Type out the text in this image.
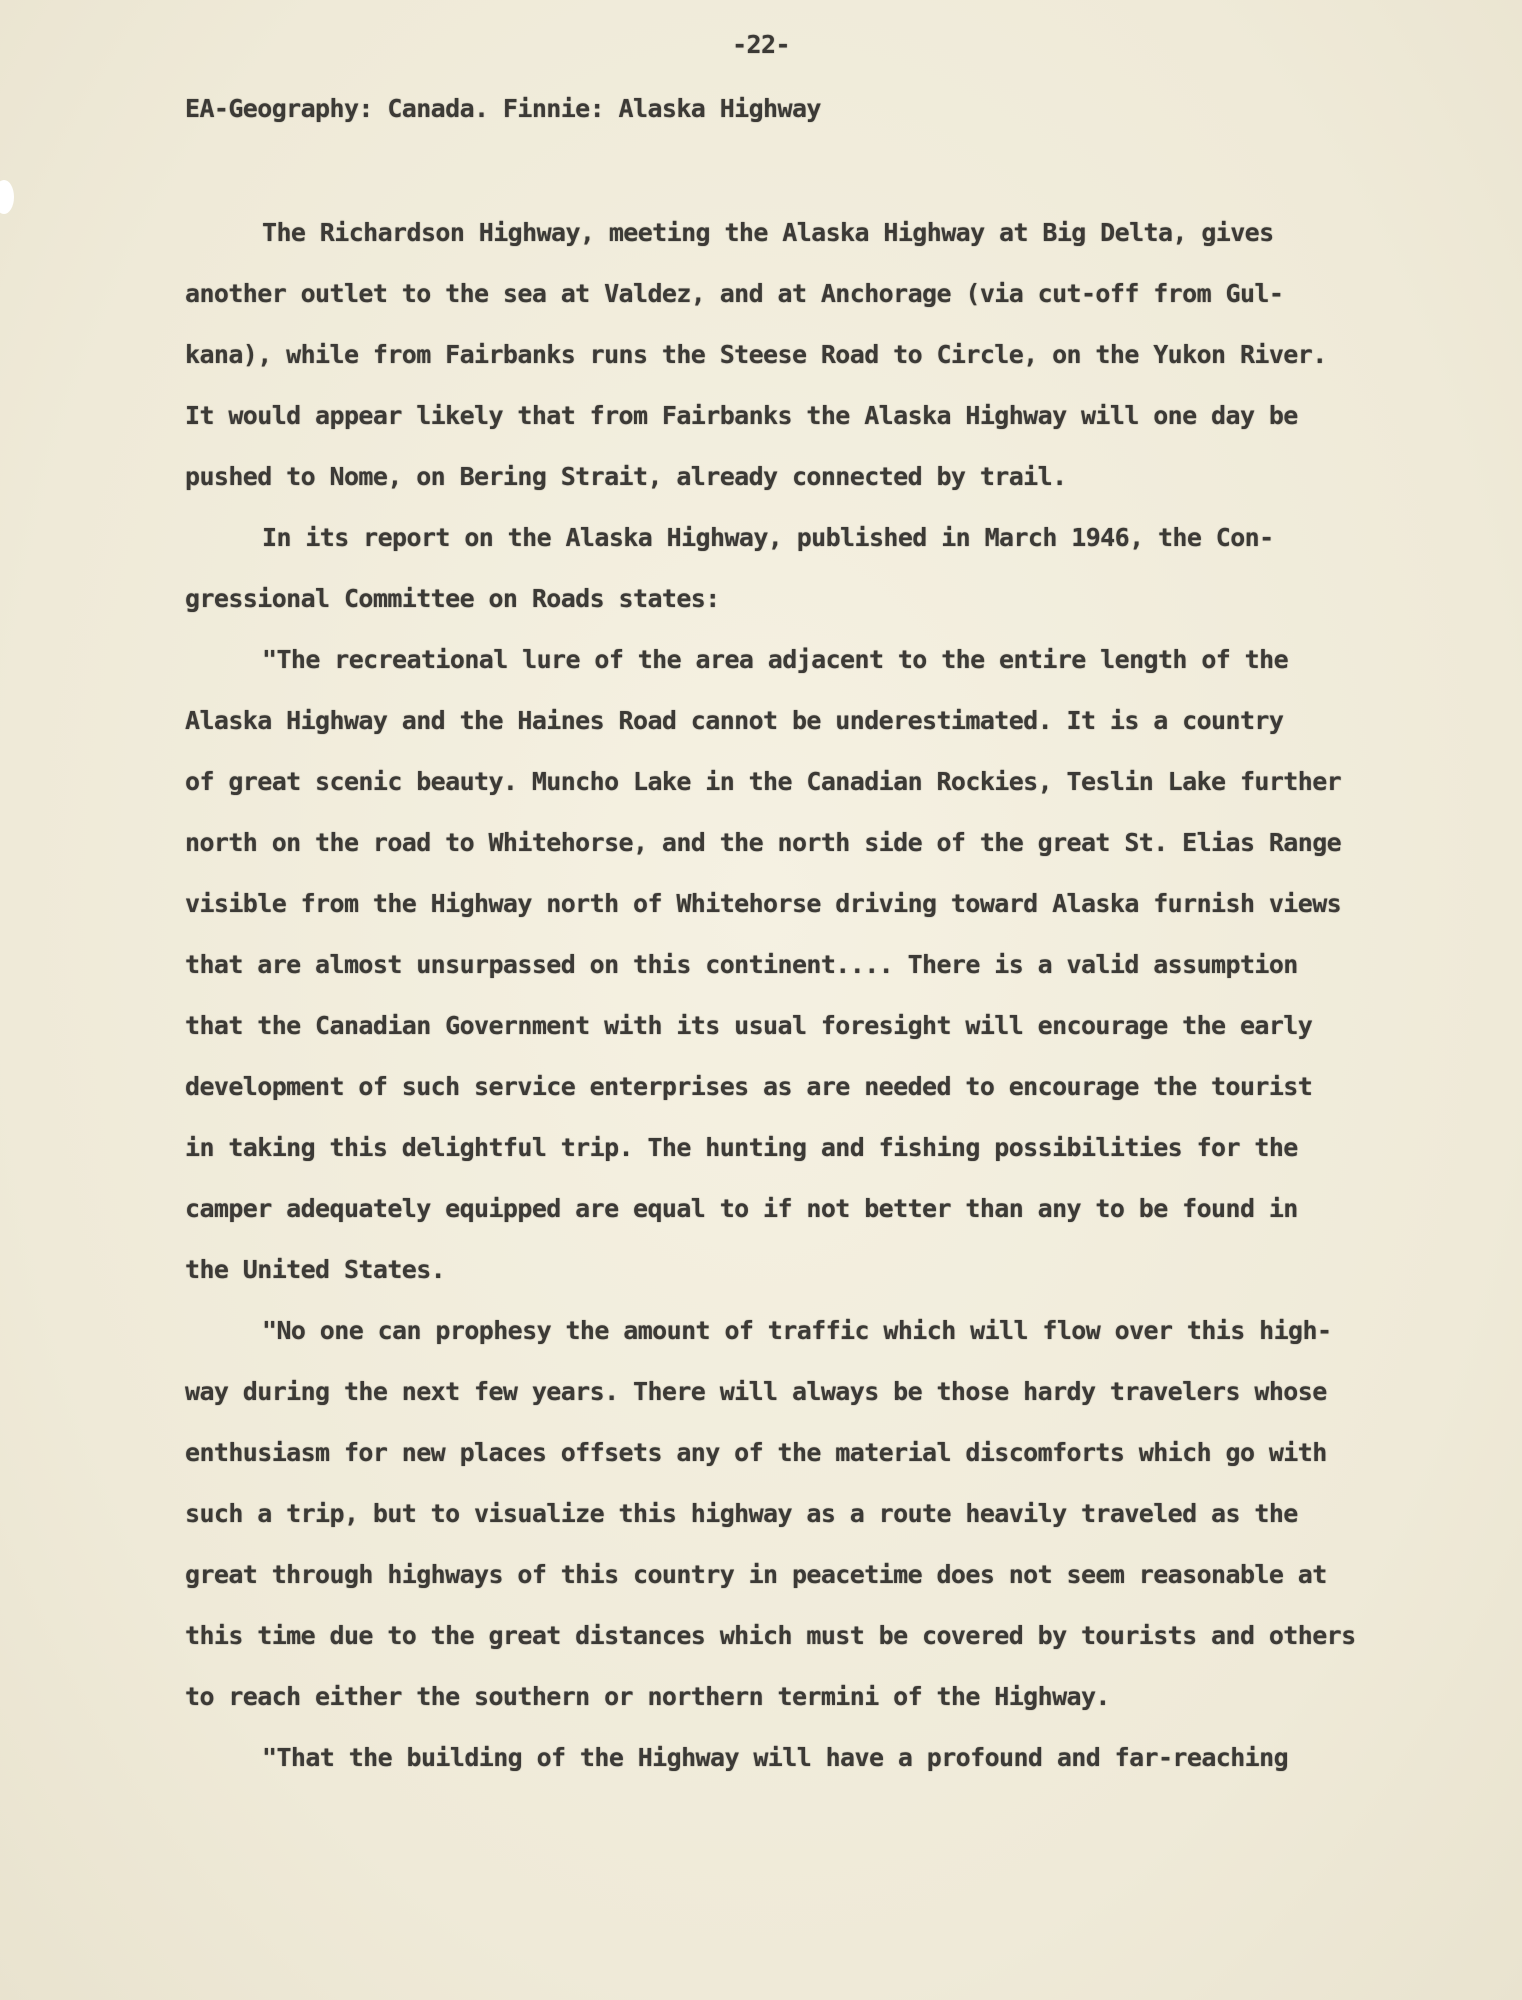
-22-
EA-Geography: Canada. Finnie: Alaska Highway
The Richardson Highway, meeting the Alaska Highway at Big Delta, gives
another outlet to the sea at Valdez, and at Anchorage (via cut-off from Gul-
kana), while from Fairbanks runs the Steese Road to Circle, on the Yukon River.
It would appear likely that from Fairbanks the Alaska Highway will one day be
pushed to Nome, on Bering Strait, already connected by trail.
In its report on the Alaska Highway, published in March 1946, the Con-
gressional Committee on Roads states:
"The recreational lure of the area adjacent to the entire length of the
Alaska Highway and the Haines Road cannot be underestimated. It is a country
of great scenic beauty. Muncho Lake in the Canadian Rockies, Teslin Lake further
north on the road to Whitehorse, and the north side of the great St. Elias Range
visible from the Highway north of Whitehorse driving toward Alaska furnish views
that are almost unsurpassed on this continent.... There is a valid assumption
that the Canadian Government with its usual foresight will encourage the early
development of such service enterprises as are needed to encourage the tourist
in taking this delightful trip. The hunting and fishing possibilities for the
camper adequately equipped are equal to if not better than any to be found in
the United States.
"No one can prophesy the amount of traffic which will flow over this high-
way during the next few years. There will always be those hardy travelers whose
enthusiasm for new places offsets any of the material discomforts which go with
such a trip, but to visualize this highway as a route heavily traveled as the
great through highways of this country in peacetime does not seem reasonable at
this time due to the great distances which must be covered by tourists and others
to reach either the southern or northern termini of the Highway.
"That the building of the Highway will have a profound and far-reaching
